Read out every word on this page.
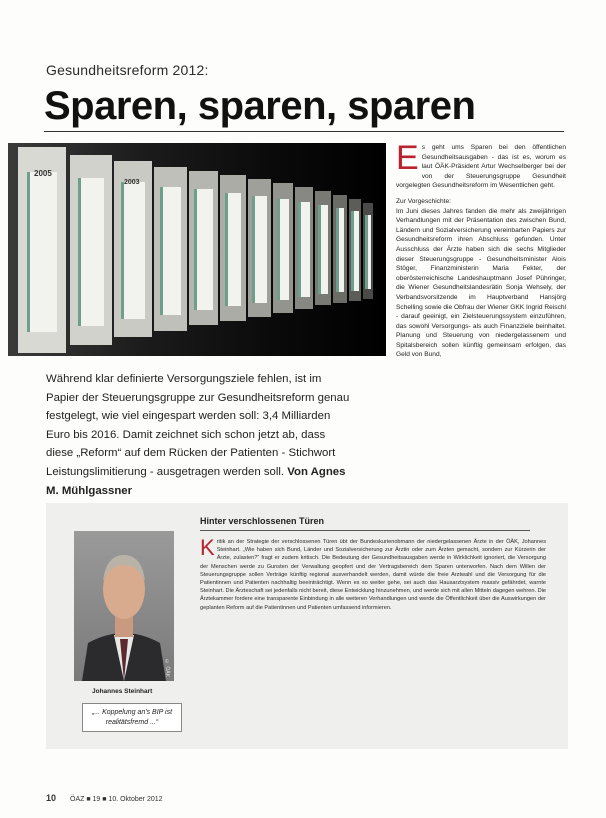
Gesundheitsreform 2012:
Sparen, sparen, sparen
2005
2003
Während klar definierte Versorgungsziele fehlen, ist im Papier der Steuerungsgruppe zur Gesundheitsreform genau festgelegt, wie viel eingespart werden soll: 3,4 Milliarden Euro bis 2016. Damit zeichnet sich schon jetzt ab, dass diese „Reform“ auf dem Rücken der Patienten - Stichwort Leistungslimitierung - ausgetragen werden soll. Von Agnes M. Mühlgassner

Es geht ums Sparen bei den öffentlichen Gesundheitsausgaben - das ist es, worum es laut ÖÄK-Präsident Artur Wechselberger bei der von der Steuerungsgruppe Gesundheit vorgelegten Gesundheitsreform im Wesentlichen geht.

Zur Vorgeschichte:

Im Juni dieses Jahres fanden die mehr als zweijährigen Verhandlungen mit der Präsentation des zwischen Bund, Ländern und Sozialversicherung vereinbarten Papiers zur Gesundheitsreform ihren Abschluss gefunden. Unter Ausschluss der Ärzte haben sich die sechs Mitglieder dieser Steuerungsgruppe - Gesundheitsminister Alois Stöger, Finanzministerin Maria Fekter, der oberösterreichische Landeshauptmann Josef Pühringer, die Wiener Gesundheitslandesrätin Sonja Wehsely, der Verbandsvorsitzende im Hauptverband Hansjörg Schelling sowie die Obfrau der Wiener GKK Ingrid Reischl - darauf geeinigt, ein Zielsteuerungssystem einzuführen, das sowohl Versorgungs- als auch Finanzziele beinhaltet. Planung und Steuerung von niedergelassenem und Spitalsbereich sollen künftig gemeinsam erfolgen, das Geld von Bund,

Hinter verschlossenen Türen
© ÖÄK
Johannes Steinhart
„... Koppelung an's BIP ist realitätsfremd ...“
Kritik an der Strategie der verschlossenen Türen übt der Bundeskurienobmann der niedergelassenen Ärzte in der ÖÄK, Johannes Steinhart. „Wie haben sich Bund, Länder und Sozialversicherung zur Ärztin oder zum Ärzten gemacht, sondern zur Kürzerin der Ärzte, zulasten?“ fragt er zudem kritisch. Die Bedeutung der Gesundheitsausgaben werde in Wirklichkeit ignoriert, die Versorgung der Menschen werde zu Gunsten der Verwaltung geopfert und der Vertragsbereich dem Sparen unterworfen. Nach dem Willen der Steuerungsgruppe sollen Verträge künftig regional ausverhandelt werden, damit würde die freie Arztwahl und die Versorgung für die Patientinnen und Patienten nachhaltig beeinträchtigt. Wenn es so weiter gehe, sei auch das Hausarztsystem massiv gefährdet, warnte Steinhart. Die Ärzteschaft sei jedenfalls nicht bereit, diese Entwicklung hinzunehmen, und werde sich mit allen Mitteln dagegen wehren. Die Ärztekammer fordere eine transparente Einbindung in alle weiteren Verhandlungen und werde die Öffentlichkeit über die Auswirkungen der geplanten Reform auf die Patientinnen und Patienten umfassend informieren.
10 ÖAZ ■ 19 ■ 10. Oktober 2012
